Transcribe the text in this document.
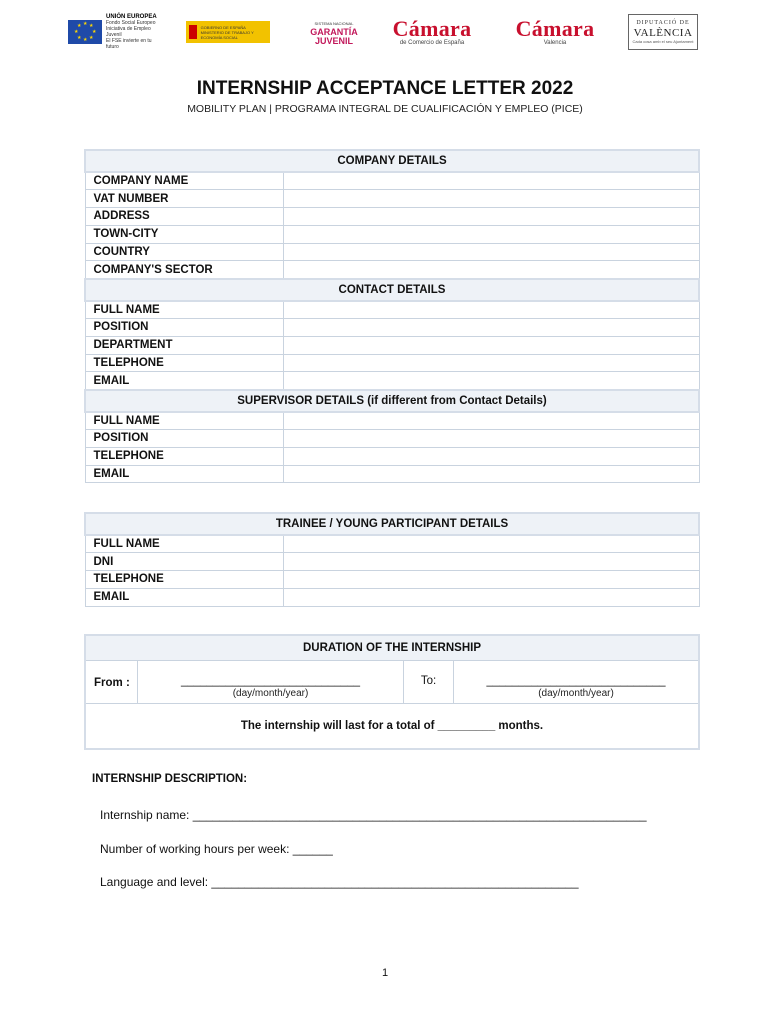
★ ★
★
★
★
★
★
★
UNIÓN EUROPEA
Fondo Social Europeo
Iniciativa de Empleo Juvenil
El FSE invierte en tu futuro
GOBIERNO DE ESPAÑA
MINISTERIO DE TRABAJO Y ECONOMÍA SOCIAL
SISTEMA NACIONAL
GARANTÍA
JUVENIL	Cámara
de Comercio de España
Cámara
Valencia
DIPUTACIÓ DE
VALÈNCIA
Cada cosa amb el seu Ajuntament
INTERNSHIP ACCEPTANCE LETTER 2022
MOBILITY PLAN | PROGRAMA INTEGRAL DE CUALIFICACIÓN Y EMPLEO (PICE)
COMPANY DETAILS	
COMPANY NAME	
VAT NUMBER	
ADDRESS	
TOWN-CITY	
COUNTRY	
COMPANY'S SECTOR	
CONTACT DETAILS	
FULL NAME	
POSITION	
DEPARTMENT	
TELEPHONE	
EMAIL	
SUPERVISOR DETAILS (if different from Contact Details)	
FULL NAME	
POSITION	
TELEPHONE	
EMAIL	
TRAINEE / YOUNG PARTICIPANT DETAILS	
FULL NAME	
DNI	
TELEPHONE	
EMAIL	
DURATION OF THE INTERNSHIP
From :	____________________________
(day/month/year)
To:	____________________________
(day/month/year)
The internship will last for a total of _________ months.
INTERNSHIP DESCRIPTION:
Internship name: ____________________________________________________________________
Number of working hours per week: ______
Language and level: _______________________________________________________
1
